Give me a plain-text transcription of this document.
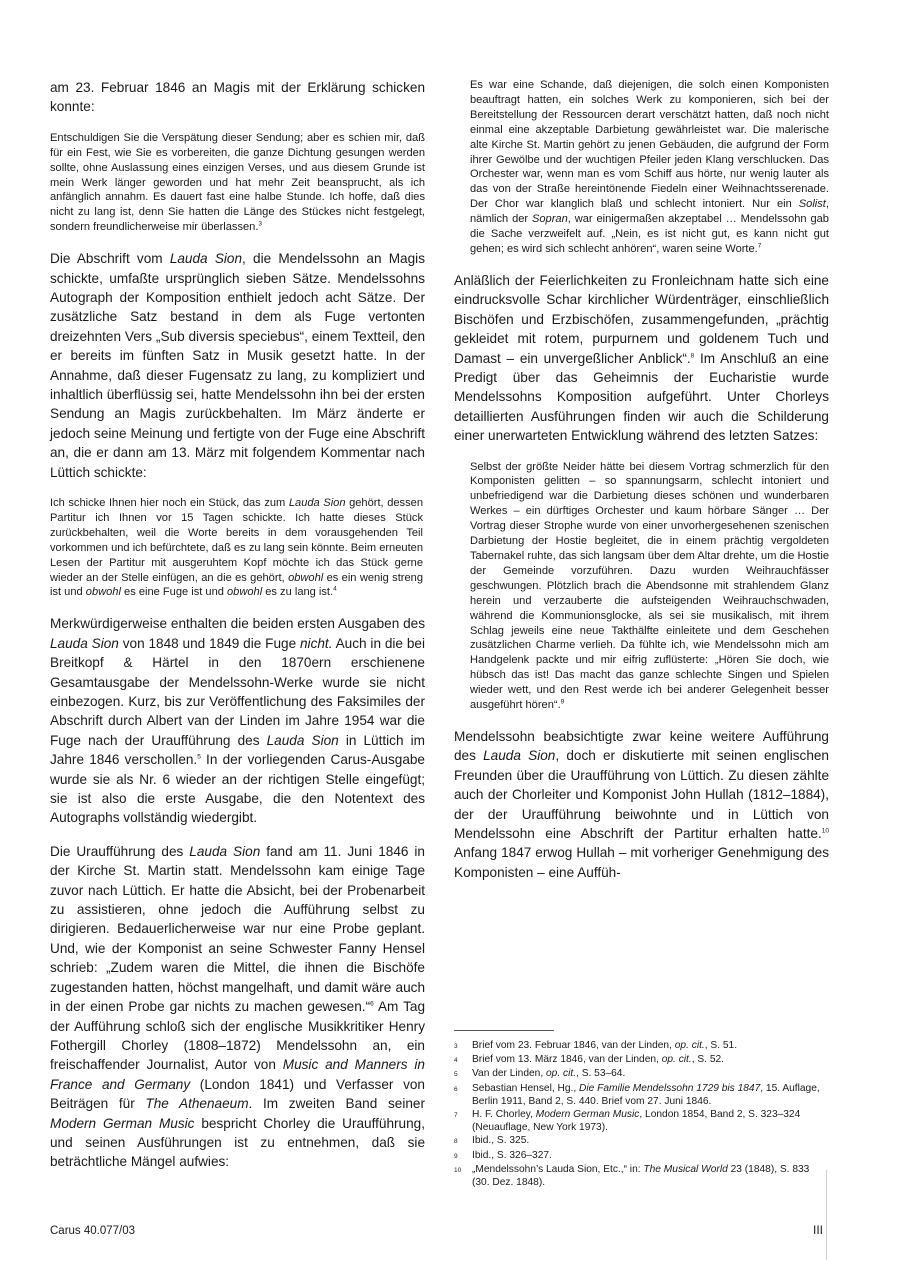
am 23. Februar 1846 an Magis mit der Erklärung schicken konnte:

Entschuldigen Sie die Verspätung dieser Sendung; aber es schien mir, daß für ein Fest, wie Sie es vorbereiten, die ganze Dichtung gesungen werden sollte, ohne Auslassung eines einzigen Verses, und aus diesem Grunde ist mein Werk länger geworden und hat mehr Zeit beansprucht, als ich anfänglich annahm. Es dauert fast eine halbe Stunde. Ich hoffe, daß dies nicht zu lang ist, denn Sie hatten die Länge des Stückes nicht festgelegt, sondern freundlicherweise mir überlassen.$^3$

Die Abschrift vom Lauda Sion, die Mendelssohn an Magis schickte, umfaßte ursprünglich sieben Sätze. Mendelssohns Autograph der Komposition enthielt jedoch acht Sätze. Der zusätzliche Satz bestand in dem als Fuge vertonten dreizehnten Vers „Sub diversis speciebus“, einem Textteil, den er bereits im fünften Satz in Musik gesetzt hatte. In der Annahme, daß dieser Fugensatz zu lang, zu kompliziert und inhaltlich überflüssig sei, hatte Mendelssohn ihn bei der ersten Sendung an Magis zurückbehalten. Im März änderte er jedoch seine Meinung und fertigte von der Fuge eine Abschrift an, die er dann am 13. März mit folgendem Kommentar nach Lüttich schickte:

Ich schicke Ihnen hier noch ein Stück, das zum Lauda Sion gehört, dessen Partitur ich Ihnen vor 15 Tagen schickte. Ich hatte dieses Stück zurückbehalten, weil die Worte bereits in dem vorausgehenden Teil vorkommen und ich befürchtete, daß es zu lang sein könnte. Beim erneuten Lesen der Partitur mit ausgeruhtem Kopf möchte ich das Stück gerne wieder an der Stelle einfügen, an die es gehört, obwohl es ein wenig streng ist und obwohl es eine Fuge ist und obwohl es zu lang ist.$^4$

Merkwürdigerweise enthalten die beiden ersten Ausgaben des Lauda Sion von 1848 und 1849 die Fuge nicht. Auch in die bei Breitkopf & Härtel in den 1870ern erschienene Gesamtausgabe der Mendelssohn-Werke wurde sie nicht einbezogen. Kurz, bis zur Veröffentlichung des Faksimiles der Abschrift durch Albert van der Linden im Jahre 1954 war die Fuge nach der Uraufführung des Lauda Sion in Lüttich im Jahre 1846 verschollen.$^5$ In der vorliegenden Carus-Ausgabe wurde sie als Nr. 6 wieder an der richtigen Stelle eingefügt; sie ist also die erste Ausgabe, die den Notentext des Autographs vollständig wiedergibt.

Die Uraufführung des Lauda Sion fand am 11. Juni 1846 in der Kirche St. Martin statt. Mendelssohn kam einige Tage zuvor nach Lüttich. Er hatte die Absicht, bei der Probenarbeit zu assistieren, ohne jedoch die Aufführung selbst zu dirigieren. Bedauerlicherweise war nur eine Probe geplant. Und, wie der Komponist an seine Schwester Fanny Hensel schrieb: „Zudem waren die Mittel, die ihnen die Bischöfe zugestanden hatten, höchst mangelhaft, und damit wäre auch in der einen Probe gar nichts zu machen gewesen.“$^6$ Am Tag der Aufführung schloß sich der englische Musikkritiker Henry Fothergill Chorley (1808–1872) Mendelssohn an, ein freischaffender Journalist, Autor von Music and Manners in France and Germany (London 1841) und Verfasser von Beiträgen für The Athenaeum. Im zweiten Band seiner Modern German Music bespricht Chorley die Uraufführung, und seinen Ausführungen ist zu entnehmen, daß sie beträchtliche Mängel aufwies:

Es war eine Schande, daß diejenigen, die solch einen Komponisten beauftragt hatten, ein solches Werk zu komponieren, sich bei der Bereitstellung der Ressourcen derart verschätzt hatten, daß noch nicht einmal eine akzeptable Darbietung gewährleistet war. Die malerische alte Kirche St. Martin gehört zu jenen Gebäuden, die aufgrund der Form ihrer Gewölbe und der wuchtigen Pfeiler jeden Klang verschlucken. Das Orchester war, wenn man es vom Schiff aus hörte, nur wenig lauter als das von der Straße hereintönende Fiedeln einer Weihnachtsserenade. Der Chor war klanglich blaß und schlecht intoniert. Nur ein Solist, nämlich der Sopran, war einigermaßen akzeptabel … Mendelssohn gab die Sache verzweifelt auf. „Nein, es ist nicht gut, es kann nicht gut gehen; es wird sich schlecht anhören“, waren seine Worte.$^7$

Anläßlich der Feierlichkeiten zu Fronleichnam hatte sich eine eindrucksvolle Schar kirchlicher Würdenträger, einschließlich Bischöfen und Erzbischöfen, zusammengefunden, „prächtig gekleidet mit rotem, purpurnem und goldenem Tuch und Damast – ein unvergeßlicher Anblick“.$^8$ Im Anschluß an eine Predigt über das Geheimnis der Eucharistie wurde Mendelssohns Komposition aufgeführt. Unter Chorleys detaillierten Ausführungen finden wir auch die Schilderung einer unerwarteten Entwicklung während des letzten Satzes:

Selbst der größte Neider hätte bei diesem Vortrag schmerzlich für den Komponisten gelitten – so spannungsarm, schlecht intoniert und unbefriedigend war die Darbietung dieses schönen und wunderbaren Werkes – ein dürftiges Orchester und kaum hörbare Sänger … Der Vortrag dieser Strophe wurde von einer unvorhergesehenen szenischen Darbietung der Hostie begleitet, die in einem prächtig vergoldeten Tabernakel ruhte, das sich langsam über dem Altar drehte, um die Hostie der Gemeinde vorzuführen. Dazu wurden Weihrauchfässer geschwungen. Plötzlich brach die Abendsonne mit strahlendem Glanz herein und verzauberte die aufsteigenden Weihrauchschwaden, während die Kommunionsglocke, als sei sie musikalisch, mit ihrem Schlag jeweils eine neue Takthälfte einleitete und dem Geschehen zusätzlichen Charme verlieh. Da fühlte ich, wie Mendelssohn mich am Handgelenk packte und mir eifrig zuflüsterte: „Hören Sie doch, wie hübsch das ist! Das macht das ganze schlechte Singen und Spielen wieder wett, und den Rest werde ich bei anderer Gelegenheit besser ausgeführt hören“.$^9$

Mendelssohn beabsichtigte zwar keine weitere Aufführung des Lauda Sion, doch er diskutierte mit seinen englischen Freunden über die Uraufführung von Lüttich. Zu diesen zählte auch der Chorleiter und Komponist John Hullah (1812–1884), der der Uraufführung beiwohnte und in Lüttich von Mendelssohn eine Abschrift der Partitur erhalten hatte.$^{10}$ Anfang 1847 erwog Hullah – mit vorheriger Genehmigung des Komponisten – eine Auffüh-

3	Brief vom 23. Februar 1846, van der Linden, op. cit., S. 51.
4	Brief vom 13. März 1846, van der Linden, op. cit., S. 52.
5	Van der Linden, op. cit., S. 53–64.
6	Sebastian Hensel, Hg., Die Familie Mendelssohn 1729 bis 1847, 15. Auflage, Berlin 1911, Band 2, S. 440. Brief vom 27. Juni 1846.
7	H. F. Chorley, Modern German Music, London 1854, Band 2, S. 323–324 (Neuauflage, New York 1973).
8	Ibid., S. 325.
9	Ibid., S. 326–327.
10	„Mendelssohn’s Lauda Sion, Etc.,“ in: The Musical World 23 (1848), S. 833 (30. Dez. 1848).
Carus 40.077/03	III
